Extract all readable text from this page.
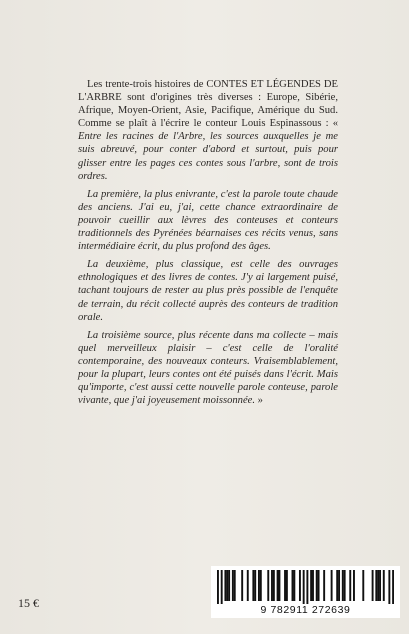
Les trente-trois histoires de CONTES ET LÉGENDES DE L'ARBRE sont d'origines très diverses : Europe, Sibérie, Afrique, Moyen-Orient, Asie, Pacifique, Amérique du Sud. Comme se plaît à l'écrire le conteur Louis Espinassous : « Entre les racines de l'Arbre, les sources auxquelles je me suis abreuvé, pour conter d'abord et surtout, puis pour glisser entre les pages ces contes sous l'arbre, sont de trois ordres.

La première, la plus enivrante, c'est la parole toute chaude des anciens. J'ai eu, j'ai, cette chance extraordinaire de pouvoir cueillir aux lèvres des conteuses et conteurs traditionnels des Pyrénées béarnaises ces récits venus, sans intermédiaire écrit, du plus profond des âges.

La deuxième, plus classique, est celle des ouvrages ethnologiques et des livres de contes. J'y ai largement puisé, tachant toujours de rester au plus près possible de l'enquête de terrain, du récit collecté auprès des conteurs de tradition orale.

La troisième source, plus récente dans ma collecte – mais quel merveilleux plaisir – c'est celle de l'oralité contemporaine, des nouveaux conteurs. Vraisemblablement, pour la plupart, leurs contes ont été puisés dans l'écrit. Mais qu'importe, c'est aussi cette nouvelle parole conteuse, parole vivante, que j'ai joyeusement moissonnée. »

15 €	9 782911 272639
